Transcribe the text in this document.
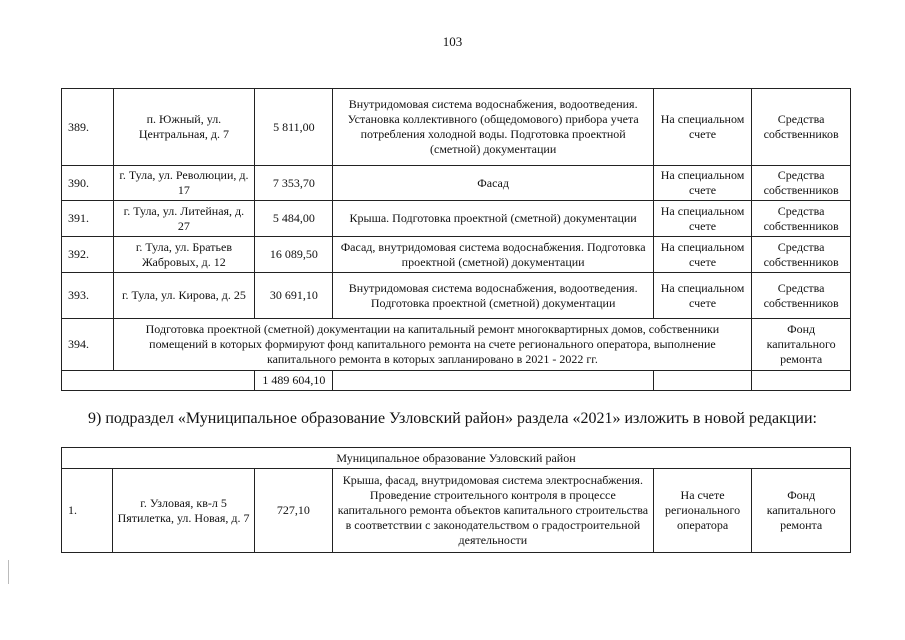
103
389.	п. Южный, ул. Центральная, д. 7	5 811,00	Внутридомовая система водоснабжения, водоотведения. Установка коллективного (общедомового) прибора учета потребления холодной воды. Подготовка проектной (сметной) документации	На специальном счете	Средства собственников
390.	г. Тула, ул. Революции, д. 17	7 353,70	Фасад	На специальном счете	Средства собственников
391.	г. Тула, ул. Литейная, д. 27	5 484,00	Крыша. Подготовка проектной (сметной) документации	На специальном счете	Средства собственников
392.	г. Тула, ул. Братьев Жабровых, д. 12	16 089,50	Фасад, внутридомовая система водоснабжения. Подготовка проектной (сметной) документации	На специальном счете	Средства собственников
393.	г. Тула, ул. Кирова, д. 25	30 691,10	Внутридомовая система водоснабжения, водоотведения. Подготовка проектной (сметной) документации	На специальном счете	Средства собственников
394.	Подготовка проектной (сметной) документации на капитальный ремонт многоквартирных домов, собственники помещений в которых формируют фонд капитального ремонта на счете регионального оператора, выполнение капитального ремонта в которых запланировано в 2021 - 2022 гг.				Фонд капитального ремонта
		1 489 604,10			
9) подраздел «Муниципальное образование Узловский район» раздела «2021» изложить в новой редакции:
Муниципальное образование Узловский район
1.	г. Узловая, кв-л 5 Пятилетка, ул. Новая, д. 7	727,10	Крыша, фасад, внутридомовая система электроснабжения. Проведение строительного контроля в процессе капитального ремонта объектов капитального строительства в соответствии с законодательством о градостроительной деятельности	На счете регионального оператора	Фонд капитального ремонта
